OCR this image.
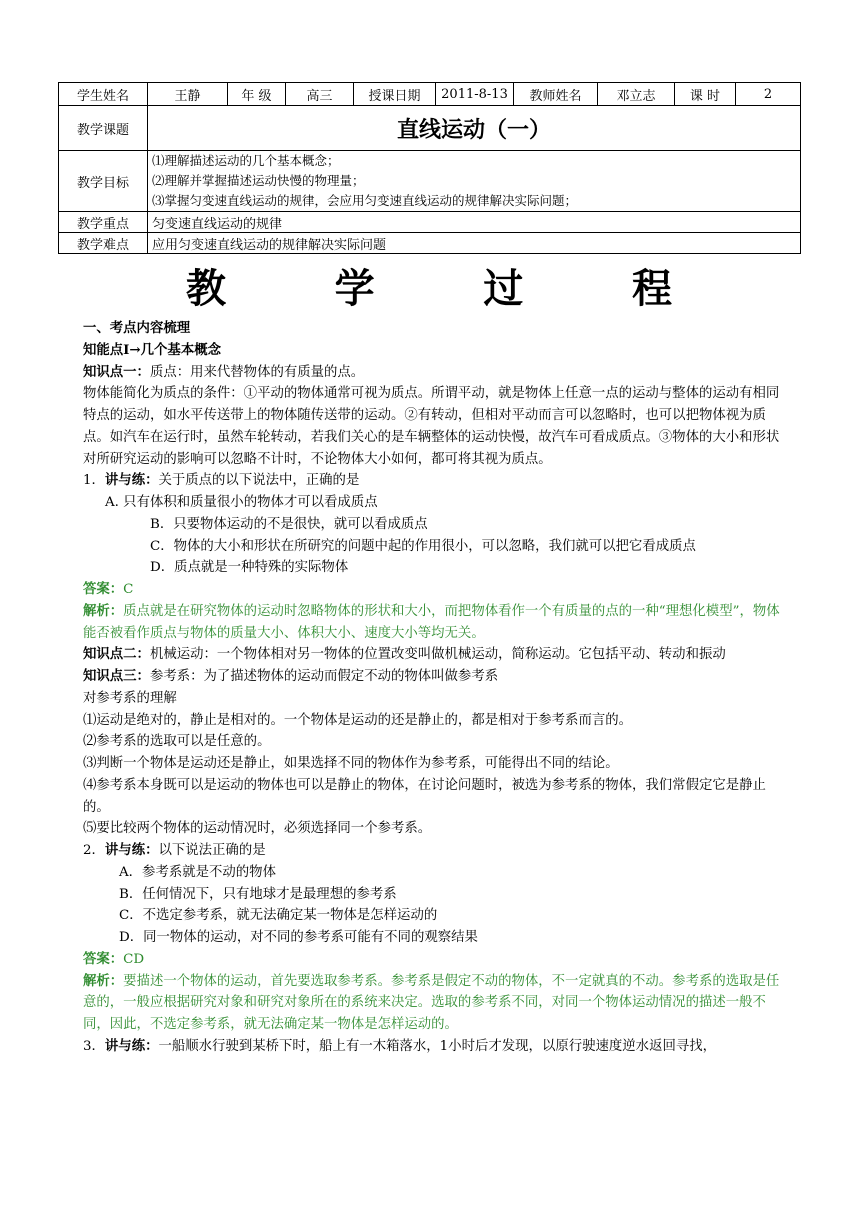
学生姓名	王静	年 级	高三	授课日期	2011-8-13	教师姓名	邓立志	课 时	2
教学课题	直线运动（一）								
教学目标	⑴理解描述运动的几个基本概念；
⑵理解并掌握描述运动快慢的物理量；
⑶掌握匀变速直线运动的规律，会应用匀变速直线运动的规律解决实际问题；								

教学重点	匀变速直线运动的规律								
教学难点	应用匀变速直线运动的规律解决实际问题								
教	学	过	程

一、考点内容梳理

知能点Ⅰ→几个基本概念

知识点一：质点：用来代替物体的有质量的点。

物体能简化为质点的条件：①平动的物体通常可视为质点。所谓平动，就是物体上任意一点的运动与整体的运动有相同特点的运动，如水平传送带上的物体随传送带的运动。②有转动，但相对平动而言可以忽略时，也可以把物体视为质点。如汽车在运行时，虽然车轮转动，若我们关心的是车辆整体的运动快慢，故汽车可看成质点。③物体的大小和形状对所研究运动的影响可以忽略不计时，不论物体大小如何，都可将其视为质点。

1．讲与练：关于质点的以下说法中，正确的是

A. 只有体积和质量很小的物体才可以看成质点

B．只要物体运动的不是很快，就可以看成质点

C．物体的大小和形状在所研究的问题中起的作用很小，可以忽略，我们就可以把它看成质点

D．质点就是一种特殊的实际物体

答案：C

解析：质点就是在研究物体的运动时忽略物体的形状和大小，而把物体看作一个有质量的点的一种“理想化模型”，物体能否被看作质点与物体的质量大小、体积大小、速度大小等均无关。

知识点二：机械运动：一个物体相对另一物体的位置改变叫做机械运动，简称运动。它包括平动、转动和振动

知识点三：参考系：为了描述物体的运动而假定不动的物体叫做参考系

对参考系的理解

⑴运动是绝对的，静止是相对的。一个物体是运动的还是静止的，都是相对于参考系而言的。

⑵参考系的选取可以是任意的。

⑶判断一个物体是运动还是静止，如果选择不同的物体作为参考系，可能得出不同的结论。

⑷参考系本身既可以是运动的物体也可以是静止的物体，在讨论问题时，被选为参考系的物体，我们常假定它是静止的。

⑸要比较两个物体的运动情况时，必须选择同一个参考系。

2．讲与练：以下说法正确的是

A．参考系就是不动的物体

B．任何情况下，只有地球才是最理想的参考系

C．不选定参考系，就无法确定某一物体是怎样运动的

D．同一物体的运动，对不同的参考系可能有不同的观察结果

答案：CD

解析：要描述一个物体的运动，首先要选取参考系。参考系是假定不动的物体，不一定就真的不动。参考系的选取是任意的，一般应根据研究对象和研究对象所在的系统来决定。选取的参考系不同，对同一个物体运动情况的描述一般不同，因此，不选定参考系，就无法确定某一物体是怎样运动的。

3．讲与练：一船顺水行驶到某桥下时，船上有一木箱落水，1小时后才发现，以原行驶速度逆水返回寻找，
